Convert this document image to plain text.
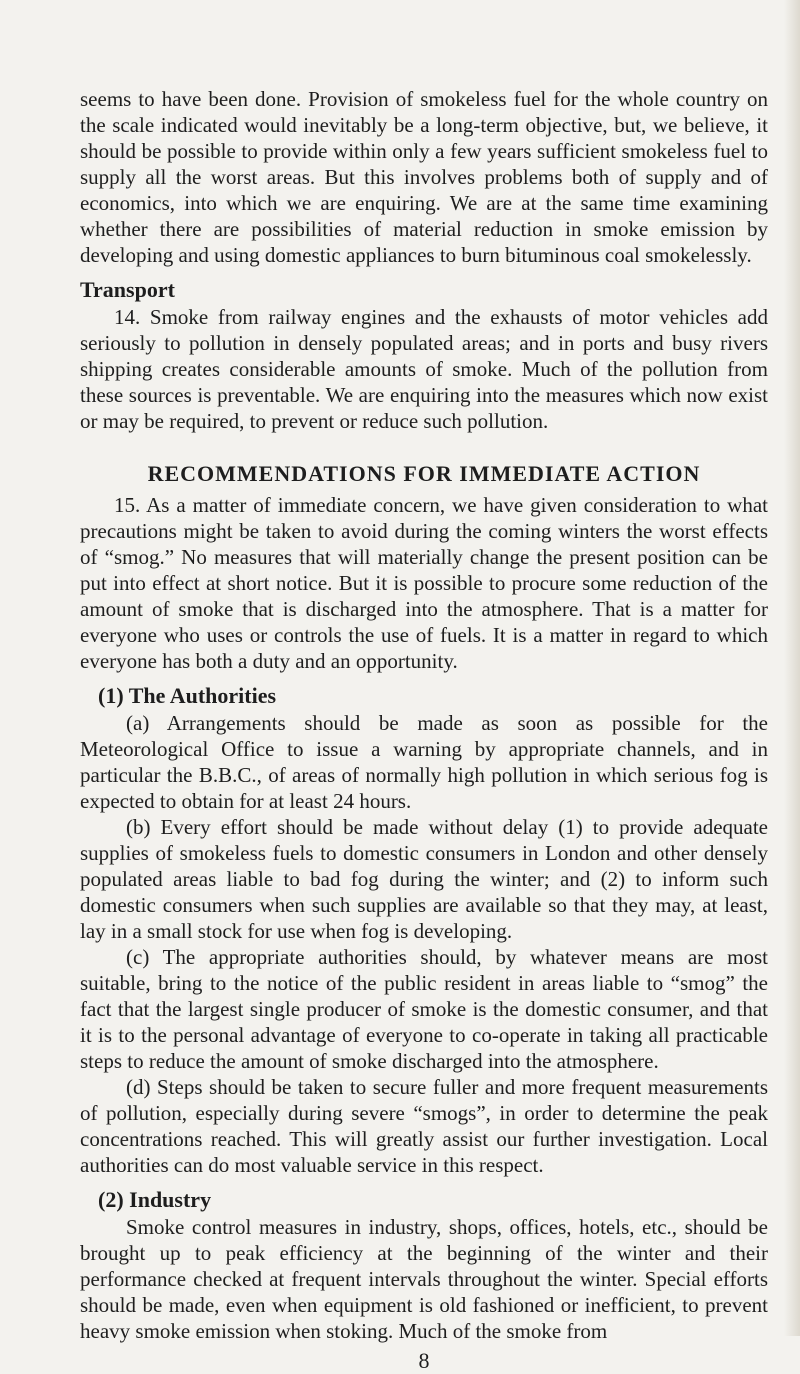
seems to have been done. Provision of smokeless fuel for the whole country on the scale indicated would inevitably be a long-term objective, but, we believe, it should be possible to provide within only a few years sufficient smokeless fuel to supply all the worst areas. But this involves problems both of supply and of economics, into which we are enquiring. We are at the same time examining whether there are possibilities of material reduction in smoke emission by developing and using domestic appliances to burn bituminous coal smokelessly.

Transport

14. Smoke from railway engines and the exhausts of motor vehicles add seriously to pollution in densely populated areas; and in ports and busy rivers shipping creates considerable amounts of smoke. Much of the pollution from these sources is preventable. We are enquiring into the measures which now exist or may be required, to prevent or reduce such pollution.

RECOMMENDATIONS FOR IMMEDIATE ACTION

15. As a matter of immediate concern, we have given consideration to what precautions might be taken to avoid during the coming winters the worst effects of “smog.” No measures that will materially change the present position can be put into effect at short notice. But it is possible to procure some reduction of the amount of smoke that is discharged into the atmosphere. That is a matter for everyone who uses or controls the use of fuels. It is a matter in regard to which everyone has both a duty and an opportunity.

(1) The Authorities

(a) Arrangements should be made as soon as possible for the Meteorological Office to issue a warning by appropriate channels, and in particular the B.B.C., of areas of normally high pollution in which serious fog is expected to obtain for at least 24 hours.

(b) Every effort should be made without delay (1) to provide adequate supplies of smokeless fuels to domestic consumers in London and other densely populated areas liable to bad fog during the winter; and (2) to inform such domestic consumers when such supplies are available so that they may, at least, lay in a small stock for use when fog is developing.

(c) The appropriate authorities should, by whatever means are most suitable, bring to the notice of the public resident in areas liable to “smog” the fact that the largest single producer of smoke is the domestic consumer, and that it is to the personal advantage of everyone to co-operate in taking all practicable steps to reduce the amount of smoke discharged into the atmosphere.

(d) Steps should be taken to secure fuller and more frequent measurements of pollution, especially during severe “smogs”, in order to determine the peak concentrations reached. This will greatly assist our further investigation. Local authorities can do most valuable service in this respect.

(2) Industry

Smoke control measures in industry, shops, offices, hotels, etc., should be brought up to peak efficiency at the beginning of the winter and their performance checked at frequent intervals throughout the winter. Special efforts should be made, even when equipment is old fashioned or inefficient, to prevent heavy smoke emission when stoking. Much of the smoke from

8
